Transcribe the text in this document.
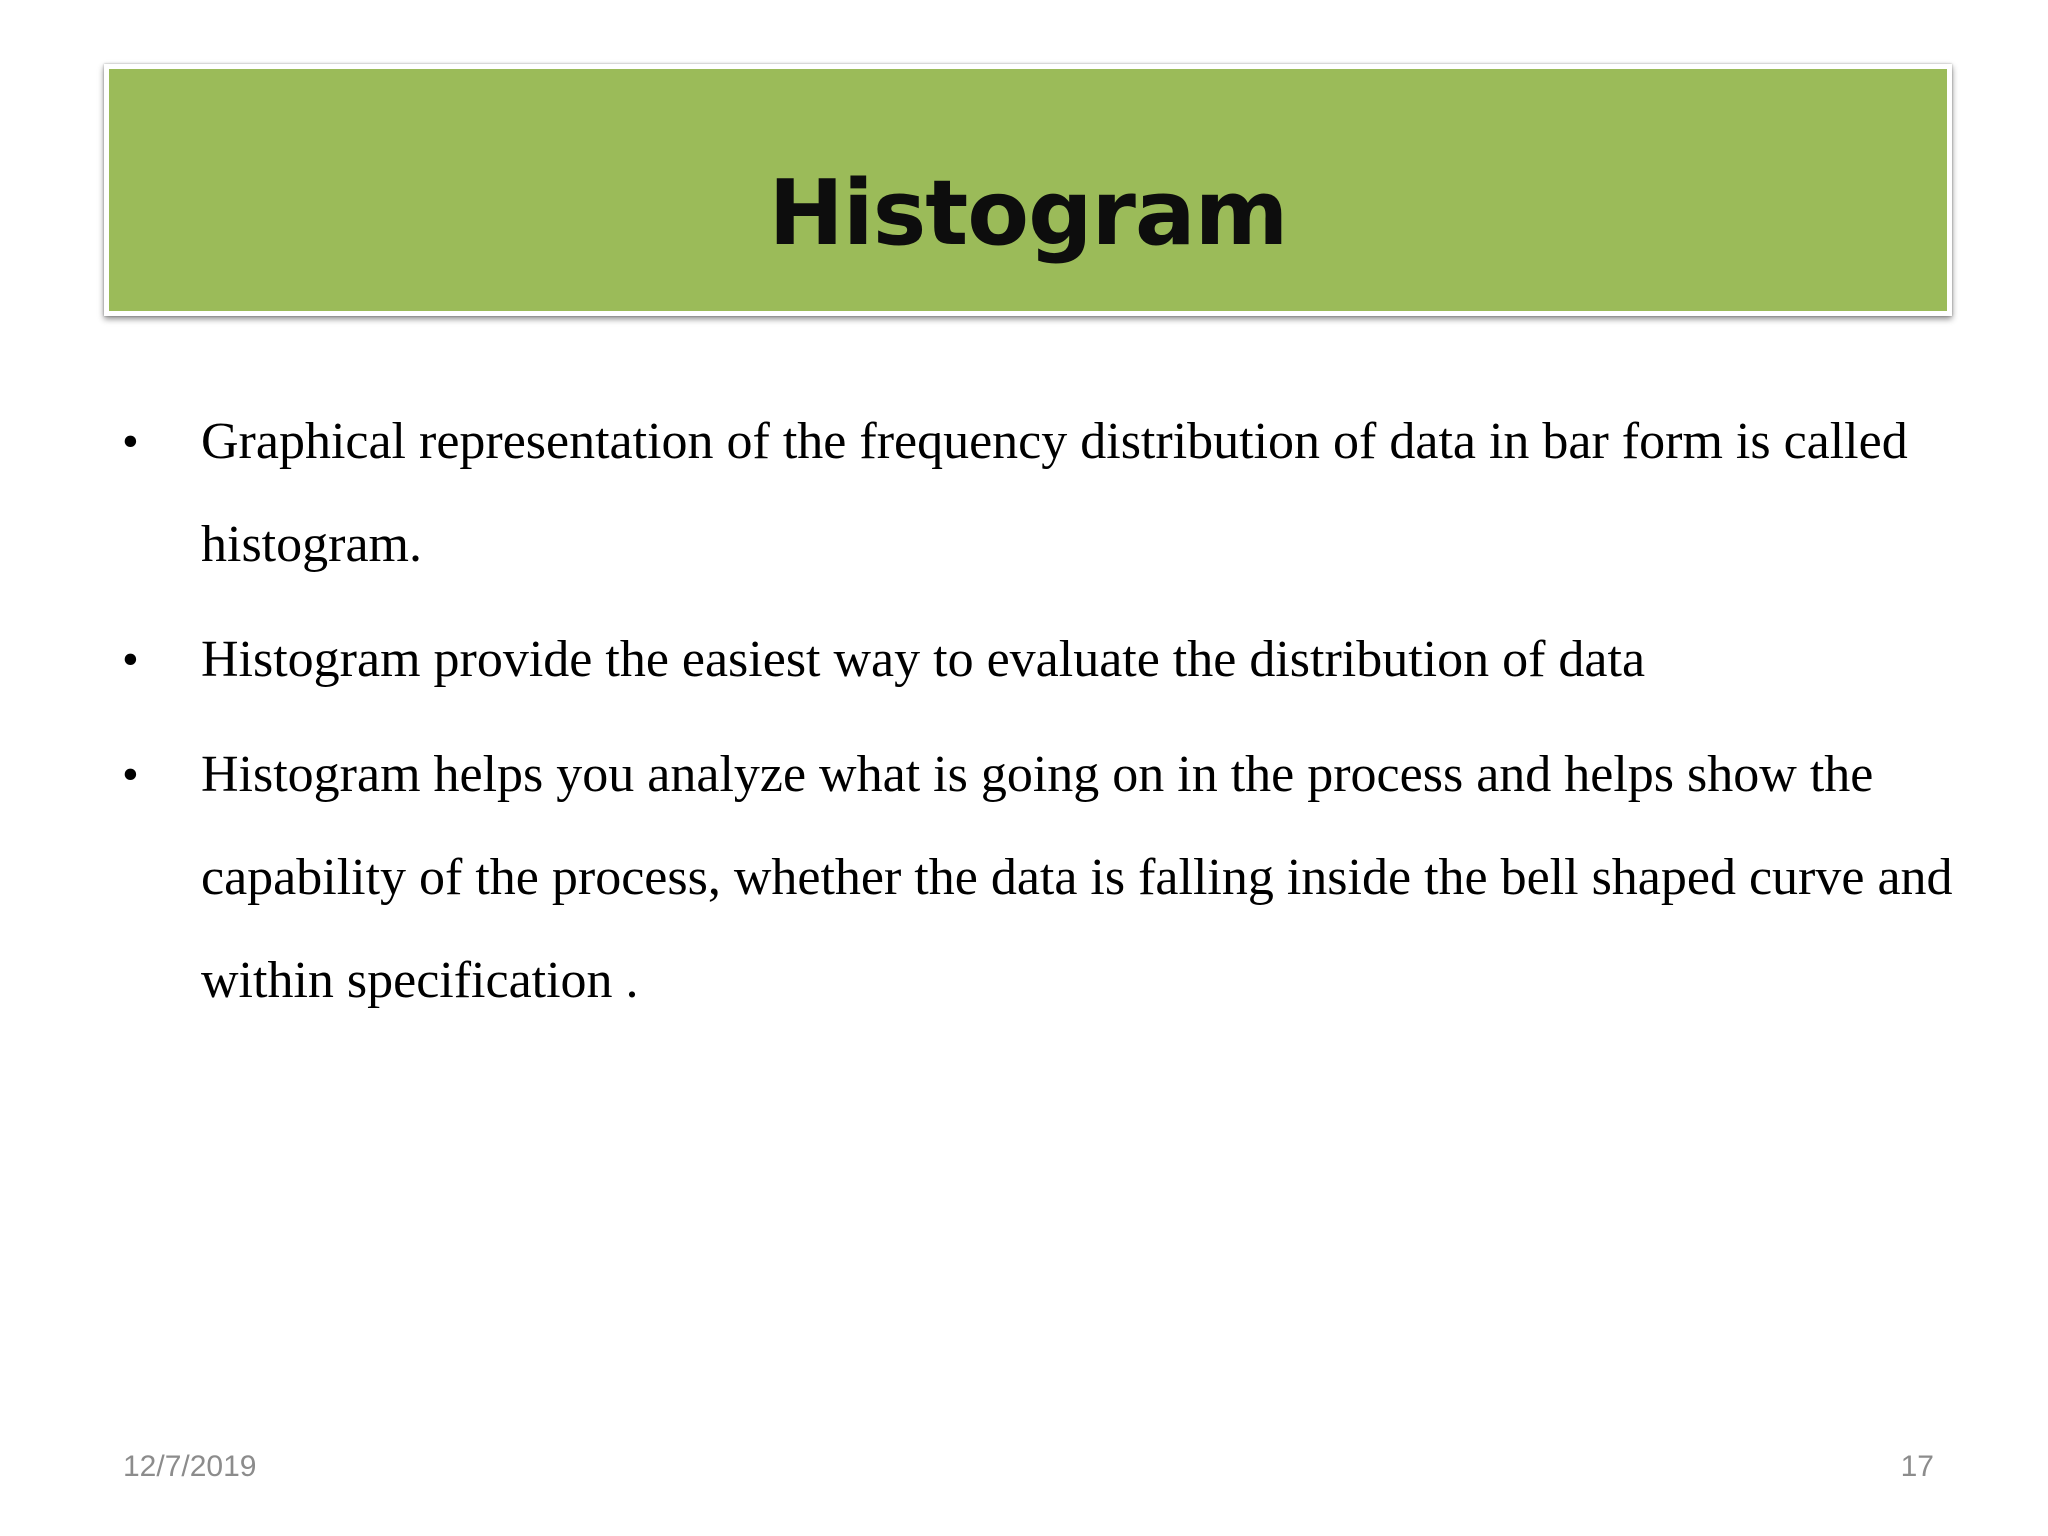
Histogram
• Graphical representation of the frequency distribution of data in bar form is called histogram.
• Histogram provide the easiest way to evaluate the distribution of data
• Histogram helps you analyze what is going on in the process and helps show the capability of the process, whether the data is falling inside the bell shaped curve and within specification .
12/7/2019	17
